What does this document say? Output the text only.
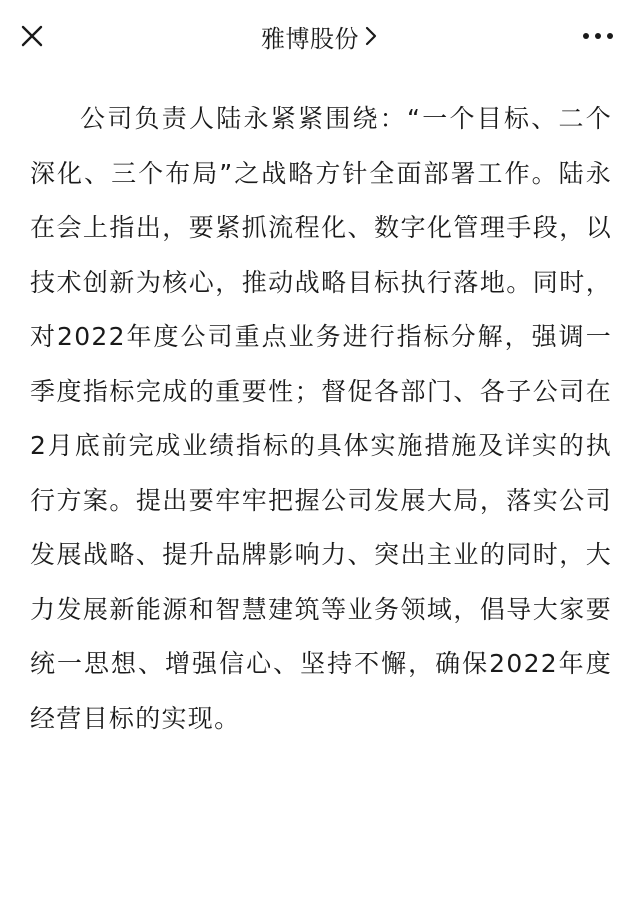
雅博股份

公司负责人陆永紧紧围绕：“一个目标、二个深化、三个布局”之战略方针全面部署工作。陆永在会上指出，要紧抓流程化、数字化管理手段，以技术创新为核心，推动战略目标执行落地。同时，对2022年度公司重点业务进行指标分解，强调一季度指标完成的重要性；督促各部门、各子公司在2月底前完成业绩指标的具体实施措施及详实的执行方案。提出要牢牢把握公司发展大局，落实公司发展战略、提升品牌影响力、突出主业的同时，大力发展新能源和智慧建筑等业务领域，倡导大家要统一思想、增强信心、坚持不懈，确保2022年度经营目标的实现。
